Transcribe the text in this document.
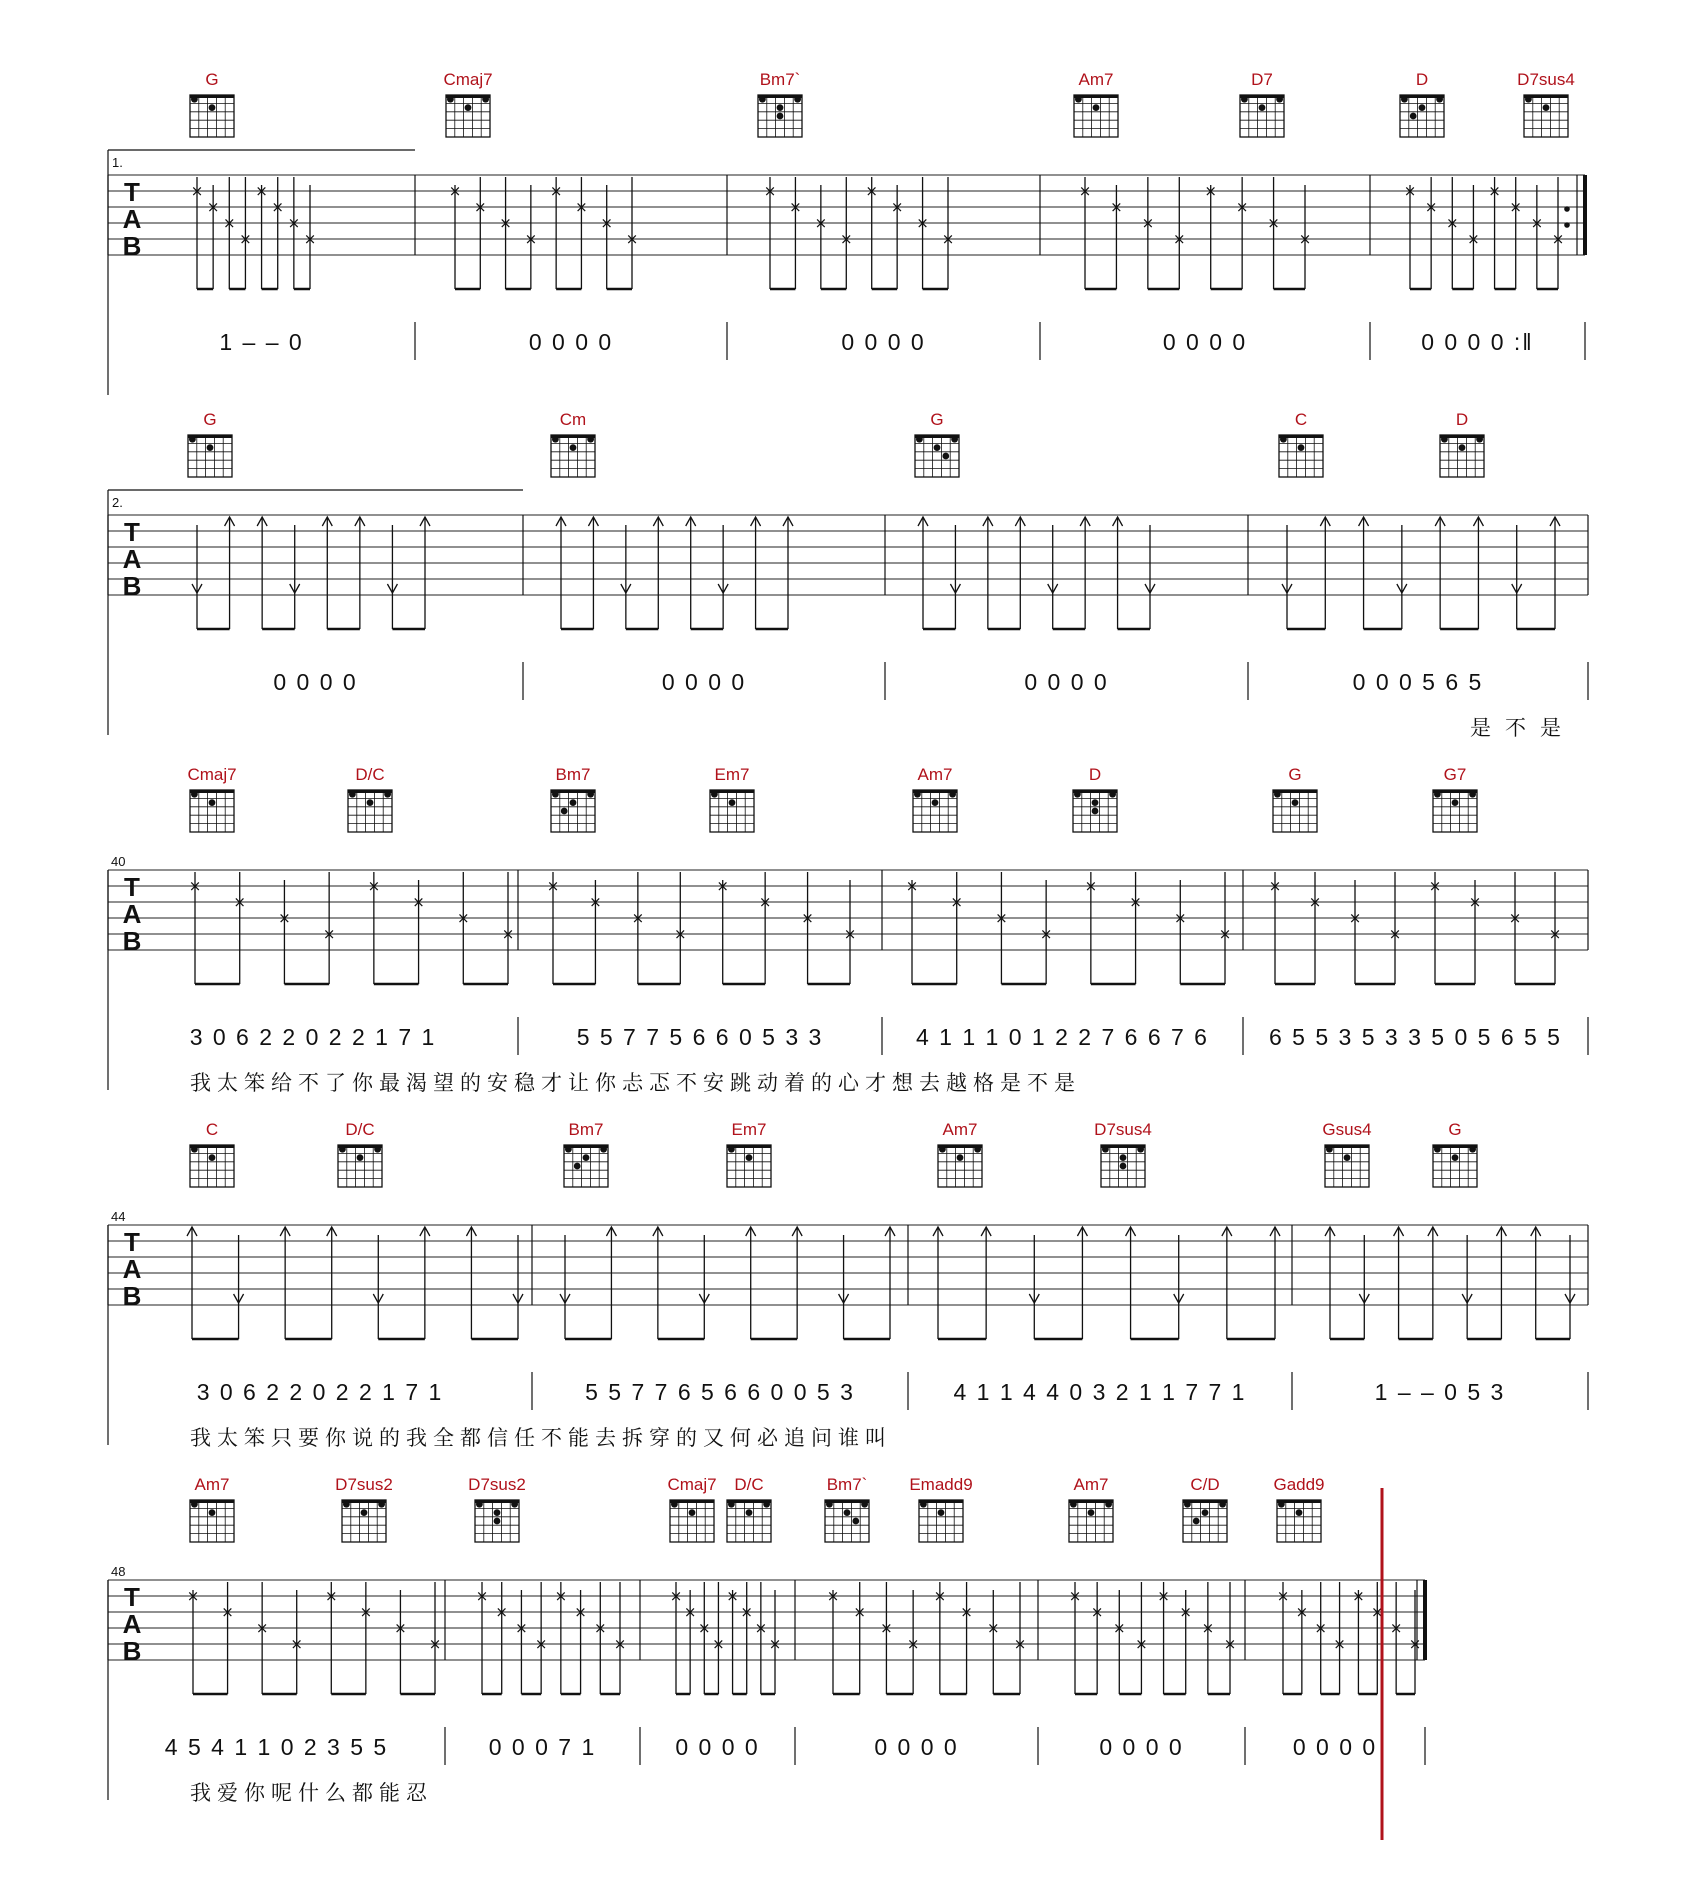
G	Cmaj7	Bm7`	Am7	D7	D	D7sus4
T
A
B
1.
×
×
×
×
×
×
×
×
×
×
×
×
×
×
×
×
×
×
×
×
×
×
×
×
×
×
×
×
×
×
×
×
×
×
×
×
×
×
×
×
1 – – 0	0 0 0 0	0 0 0 0	0 0 0 0	0 0 0 0 :‖
G	Cm	G	C	D
T
A
B
2.
0 0 0 0	0 0 0 0	0 0 0 0	0 0 0 5 6 5
是不是
Cmaj7	D/C	Bm7	Em7	Am7	D	G	G7
T
A
B
40
×
×
×
×
×
×
×
×
×
×
×
×
×
×
×
×
×
×
×
×
×
×
×
×
×
×
×
×
×
×
×
×
3 0 6 2 2 0 2 2 1 7 1	5 5 7 7 5 6 6 0 5 3 3	4 1 1 1 0 1 2 2 7 6 6 7 6	6 5 5 3 5 3 3 5 0 5 6 5 5
我太笨给不了你最渴望的安稳才让你忐忑不安跳动着的心才想去越格是不是
C	D/C	Bm7	Em7	Am7	D7sus4	Gsus4	G
T
A
B
44
3 0 6 2 2 0 2 2 1 7 1	5 5 7 7 6 5 6 6 0 0 5 3	4 1 1 4 4 0 3 2 1 1 7 7 1	1 – – 0 5 3
我太笨只要你说的我全都信任不能去拆穿的又何必追问谁叫
Am7	D7sus2	D7sus2	Cmaj7 D/C	Bm7` Emadd9	Am7	C/D	Gadd9
T
A
B
48
×
×
×
×
×
×
×
×
×
×
×
×
×
×
×
×
×
×
×
×
×
×
×
×
×
×
×
×
×
×
×
×
×
×
×
×
×
×
×
×
×
×
×
×
×
×
×
×
4 5 4 1 1 0 2 3 5 5	0 0 0 7 1	0 0 0 0	0 0 0 0	0 0 0 0	0 0 0 0
我爱你呢什么都能忍
